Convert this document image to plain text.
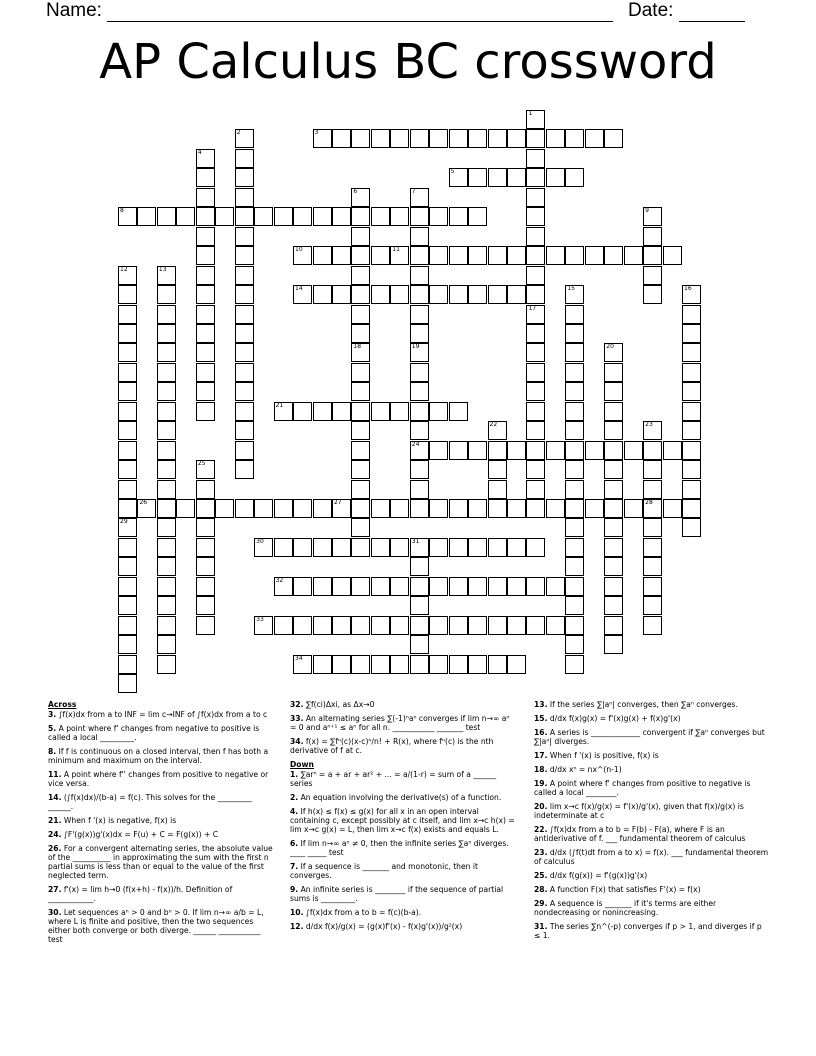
Name:	Date:
AP Calculus BC crossword
1
17
2	3
4
5
6
18
7
19
8	9
10	11
12
29
13
14	15	16
24
20
21
22	23
28
25
26	27
30	31
32
33
34
Across
3. ∫f(x)dx from a to INF = lim c→INF of ∫f(x)dx from a to c
5. A point where f' changes from negative to positive is called a local _________.
8. If f is continuous on a closed interval, then f has both a minimum and maximum on the interval.
11. A point where f'' changes from positive to negative or vice versa.
14. (∫f(x)dx)/(b-a) = f(c). This solves for the _________ ______.
21. When f '(x) is negative, f(x) is
24. ∫F'(g(x))g'(x)dx = F(u) + C = F(g(x)) + C
26. For a convergent alternating series, the absolute value of the __________ in approximating the sum with the first n partial sums is less than or equal to the value of the first neglected term.
27. f'(x) = lim h→0 (f(x+h) - f(x))/h. Definition of ____________.
30. Let sequences aⁿ > 0 and bⁿ > 0. If lim n→∞ a/b = L, where L is finite and positive, then the two sequences either both converge or both diverge. ______ ___________ test
32. ∑f(ci)Δxi, as Δx→0
33. An alternating series ∑(-1)ⁿaⁿ converges if lim n→∞ aⁿ = 0 and aⁿ⁺¹ ≤ aⁿ for all n. ___________ _______ test
34. f(x) = ∑fⁿ(c)(x-c)ⁿ/n! + R(x), where fⁿ(c) is the nth derivative of f at c.
Down
1. ∑arⁿ = a + ar + ar² + ... = a/(1-r) = sum of a ______ series
2. An equation involving the derivative(s) of a function.
4. If h(x) ≤ f(x) ≤ g(x) for all x in an open interval containing c, except possibly at c itself, and lim x→c h(x) = lim x→c g(x) = L, then lim x→c f(x) exists and equals L.
6. If lim n→∞ aⁿ ≠ 0, then the infinite series ∑aⁿ diverges. ____ _____ test
7. If a sequence is _______ and monotonic, then it converges.
9. An infinite series is ________ if the sequence of partial sums is _________.
10. ∫f(x)dx from a to b = f(c)(b-a).
12. d/dx f(x)/g(x) = (g(x)f'(x) - f(x)g'(x))/g²(x)
13. If the series ∑|aⁿ| converges, then ∑aⁿ converges.
15. d/dx f(x)g(x) = f'(x)g(x) + f(x)g'(x)
16. A series is _____________ convergent if ∑aⁿ converges but ∑|aⁿ| diverges.
17. When f '(x) is positive, f(x) is
18. d/dx xⁿ = nx^(n-1)
19. A point where f' changes from positive to negative is called a local ________.
20. lim x→c f(x)/g(x) = f'(x)/g'(x), given that f(x)/g(x) is indeterminate at c
22. ∫f(x)dx from a to b = F(b) - F(a), where F is an antiderivative of f. ___ fundamental theorem of calculus
23. d/dx (∫f(t)dt from a to x) = f(x). ___ fundamental theorem of calculus
25. d/dx f(g(x)) = f'(g(x))g'(x)
28. A function F(x) that satisfies F'(x) = f(x)
29. A sequence is _______ if it's terms are either nondecreasing or nonincreasing.
31. The series ∑n^(-p) converges if p > 1, and diverges if p ≤ 1.
